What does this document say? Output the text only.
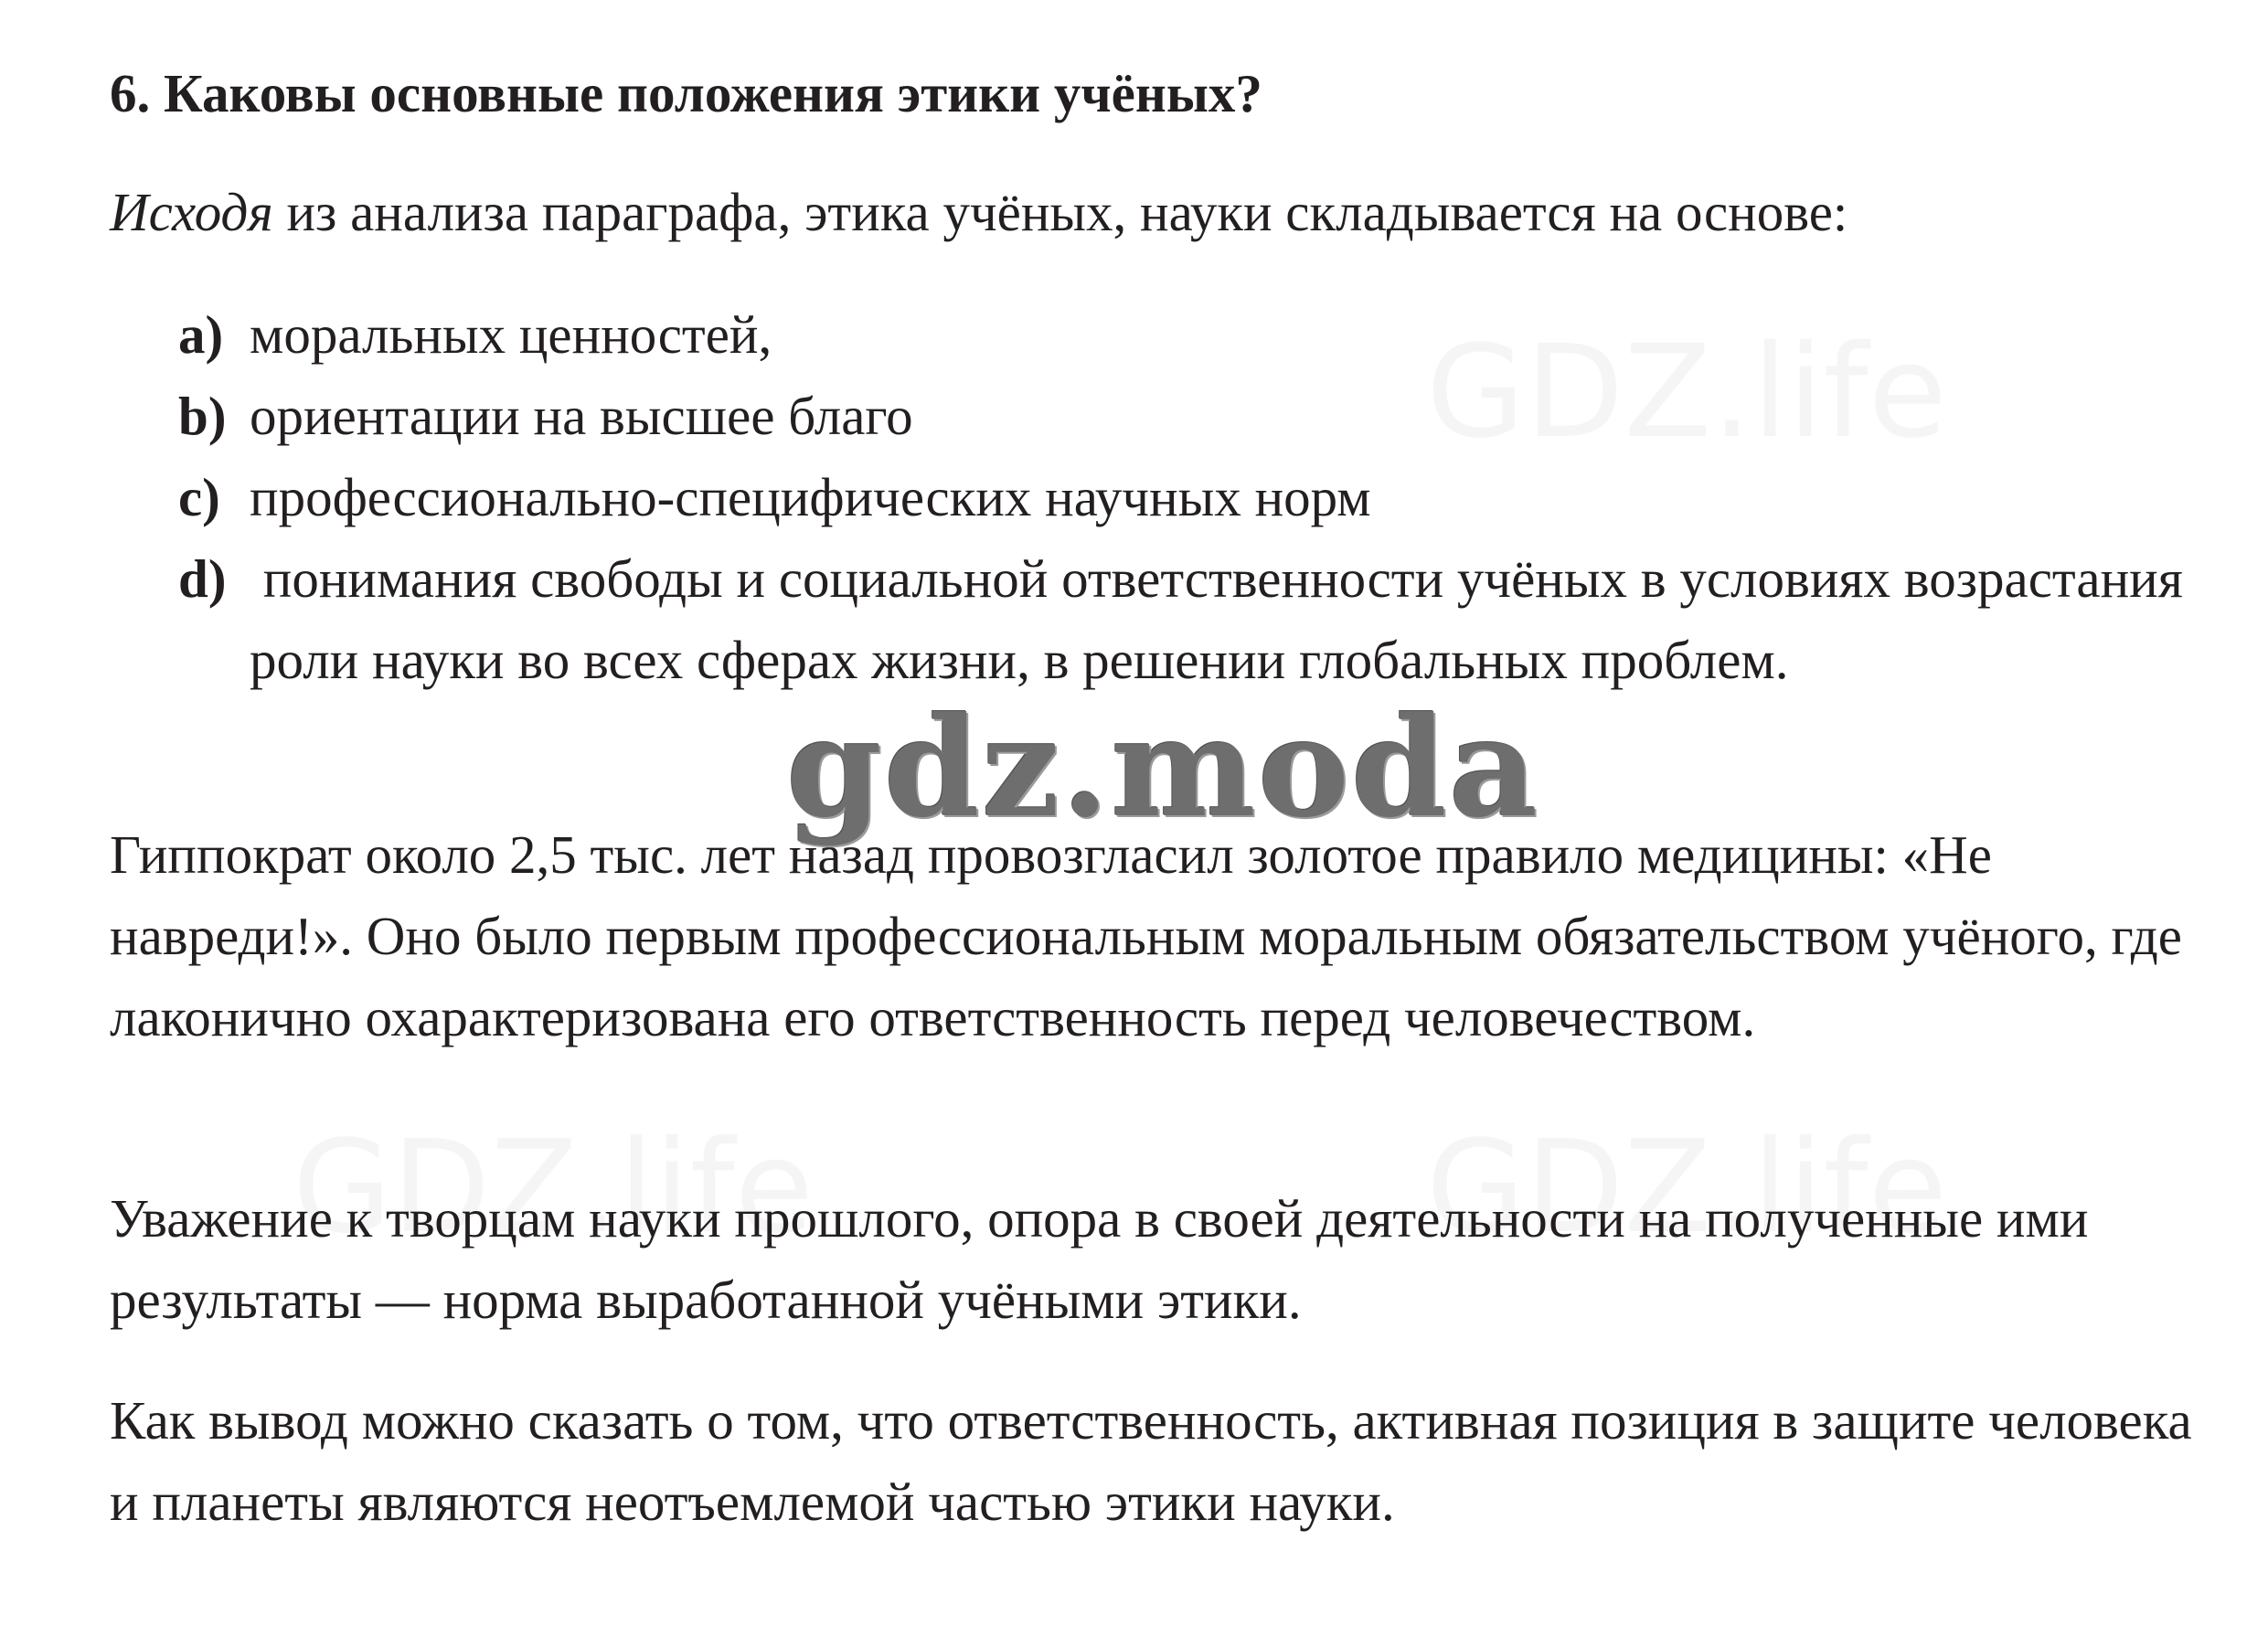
6. Каковы основные положения этики учёных?

Исходя из анализа параграфа, этика учёных, науки складывается на основе:

a) моральных ценностей,
b) ориентации на высшее благо
c) профессионально-специфических научных норм
d) понимания свободы и социальной ответственности учёных в условиях возрастания роли науки во всех сферах жизни, в решении глобальных проблем.

Гиппократ около 2,5 тыс. лет назад провозгласил золотое правило медицины: «Не навреди!». Оно было первым профессиональным моральным обязательством учёного, где лаконично охарактеризована его ответственность перед человечеством.

Уважение к творцам науки прошлого, опора в своей деятельности на полученные ими результаты — норма выработанной учёными этики.

Как вывод можно сказать о том, что ответственность, активная позиция в защите человека и планеты являются неотъемлемой частью этики науки.

gdz.moda
